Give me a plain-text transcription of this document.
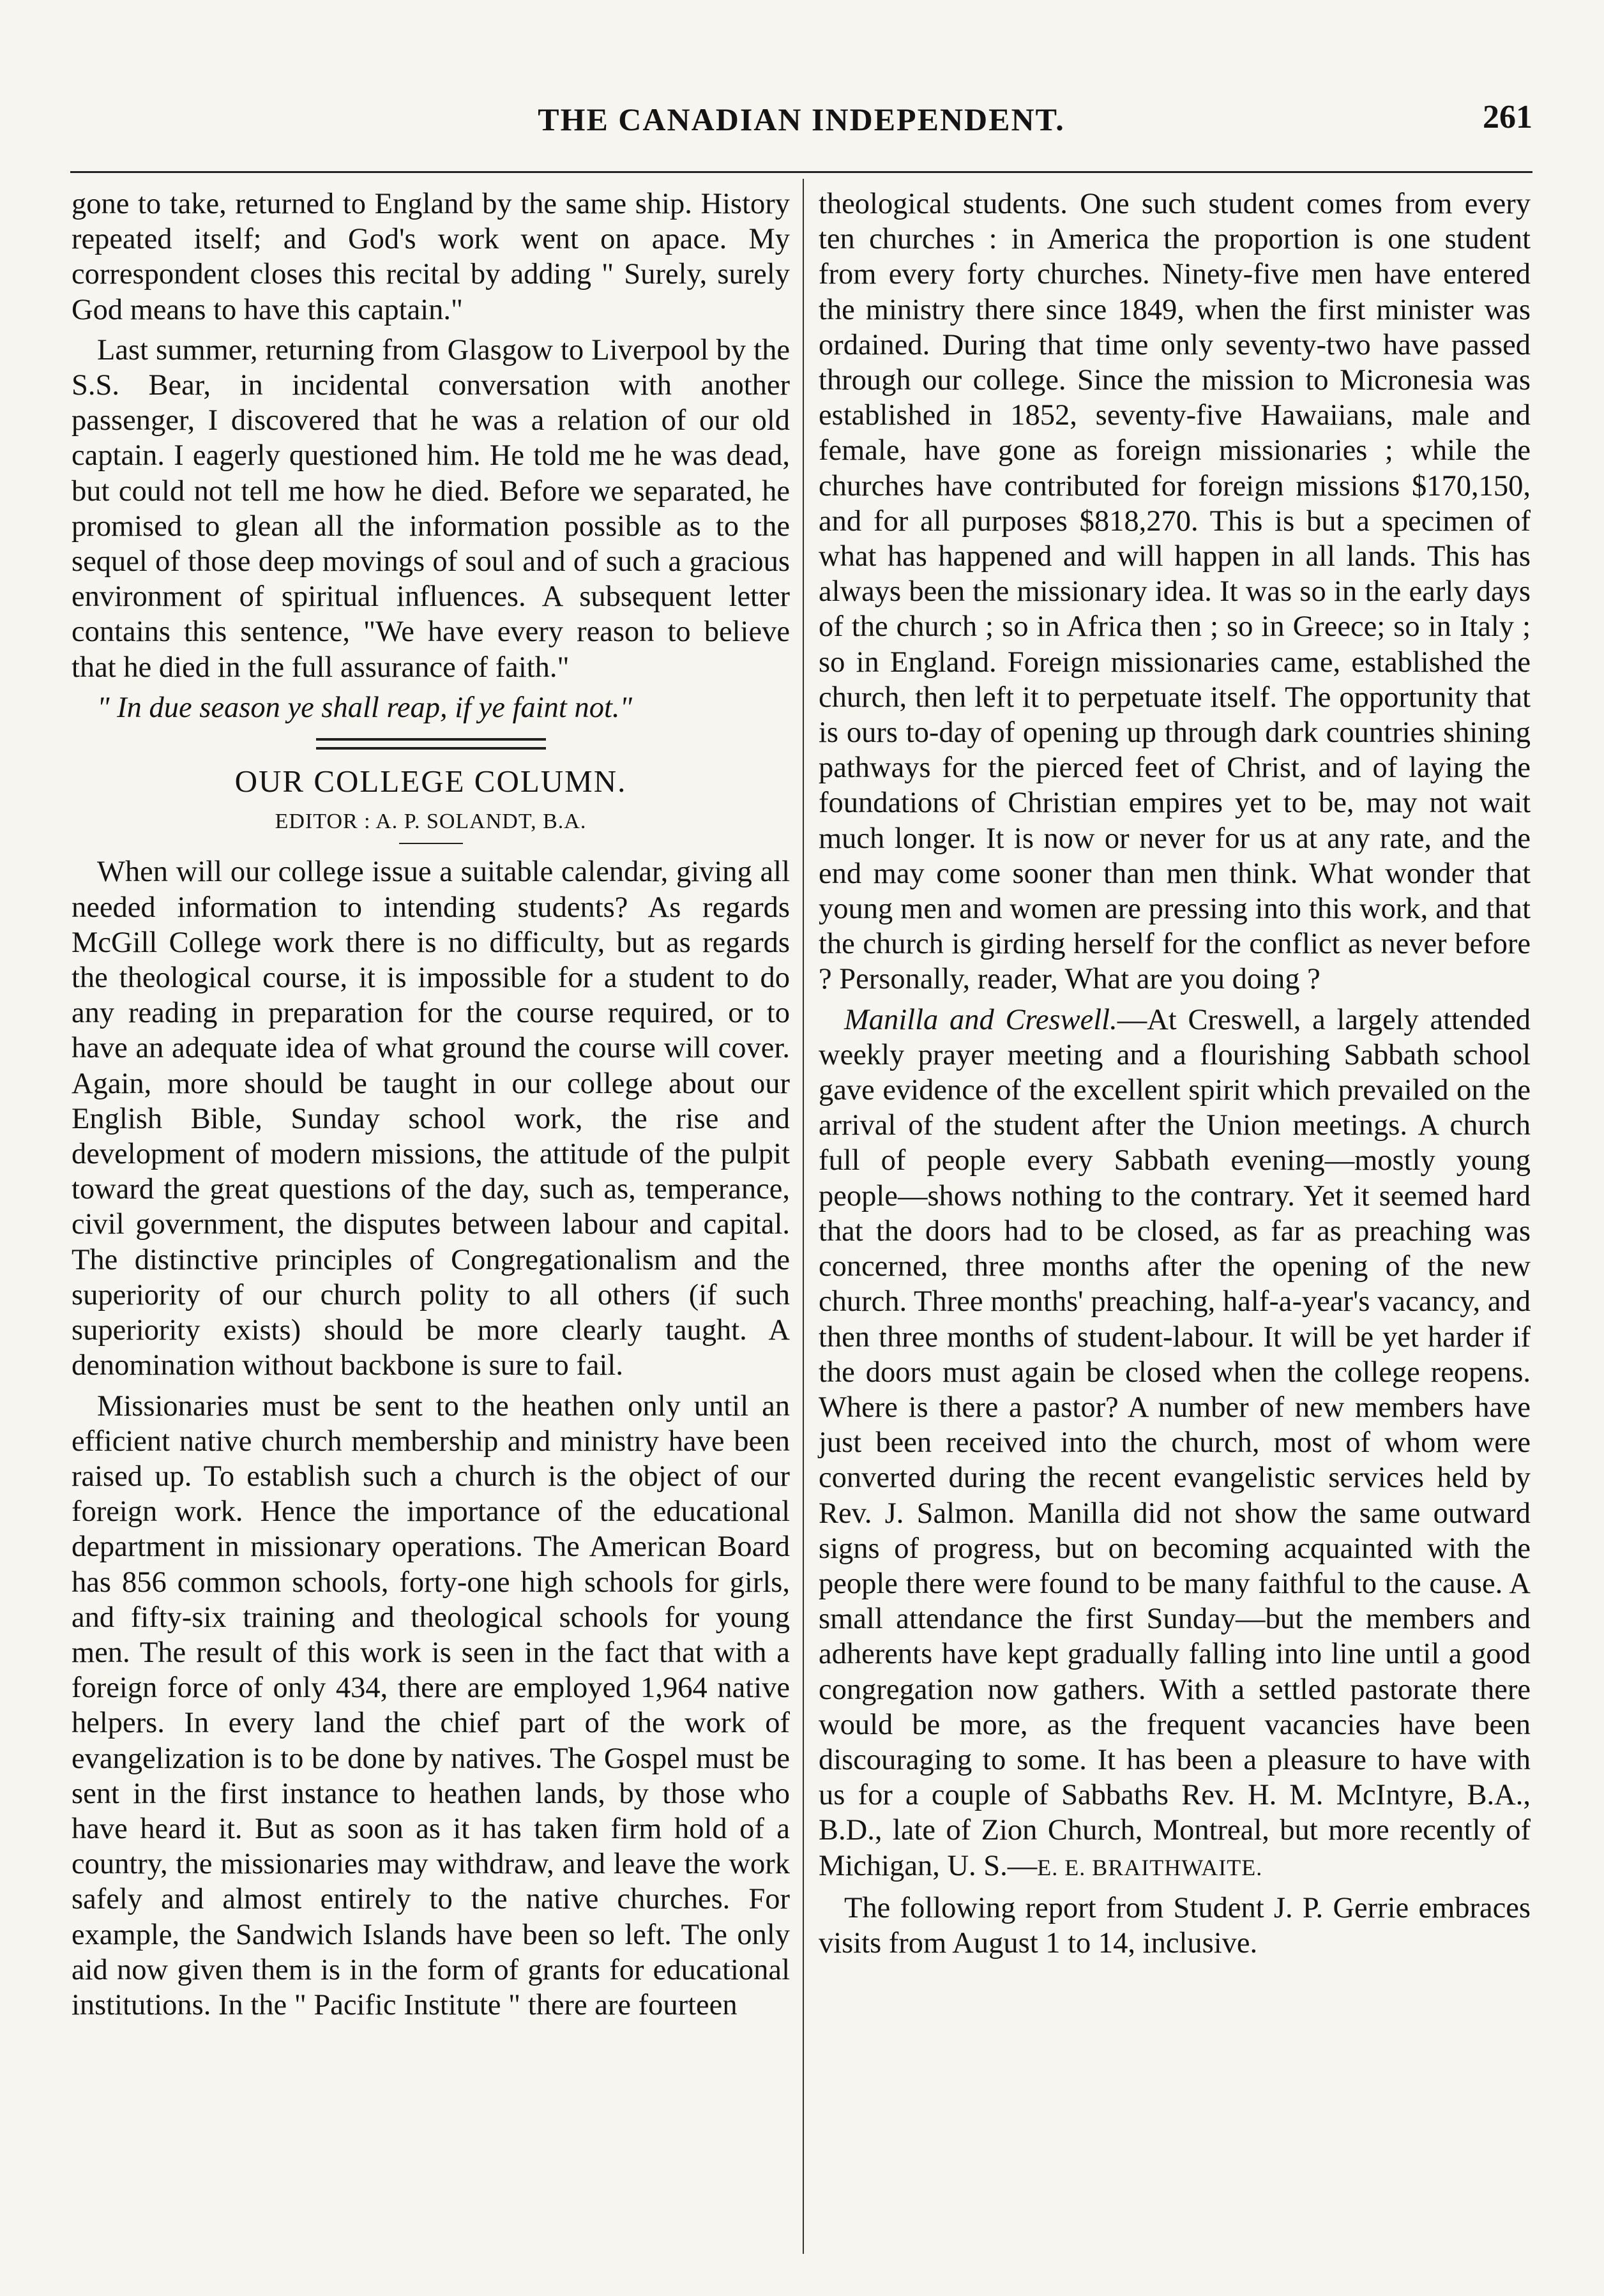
THE CANADIAN INDEPENDENT.	261

gone to take, returned to England by the same ship. History repeated itself; and God's work went on apace. My correspondent closes this recital by adding " Surely, surely God means to have this captain."

Last summer, returning from Glasgow to Liverpool by the S.S. Bear, in incidental conversation with another passenger, I discovered that he was a relation of our old captain. I eagerly questioned him. He told me he was dead, but could not tell me how he died. Before we separated, he promised to glean all the information possible as to the sequel of those deep movings of soul and of such a gracious environment of spiritual influences. A subsequent letter contains this sentence, "We have every reason to believe that he died in the full assurance of faith."

" In due season ye shall reap, if ye faint not."

OUR COLLEGE COLUMN.
EDITOR : A. P. SOLANDT, B.A.

When will our college issue a suitable calendar, giving all needed information to intending students? As regards McGill College work there is no difficulty, but as regards the theological course, it is impossible for a student to do any reading in preparation for the course required, or to have an adequate idea of what ground the course will cover. Again, more should be taught in our college about our English Bible, Sunday school work, the rise and development of modern missions, the attitude of the pulpit toward the great questions of the day, such as, temperance, civil government, the disputes between labour and capital. The distinctive principles of Congregationalism and the superiority of our church polity to all others (if such superiority exists) should be more clearly taught. A denomination without backbone is sure to fail.

Missionaries must be sent to the heathen only until an efficient native church membership and ministry have been raised up. To establish such a church is the object of our foreign work. Hence the importance of the educational department in missionary operations. The American Board has 856 common schools, forty-one high schools for girls, and fifty-six training and theological schools for young men. The result of this work is seen in the fact that with a foreign force of only 434, there are employed 1,964 native helpers. In every land the chief part of the work of evangelization is to be done by natives. The Gospel must be sent in the first instance to heathen lands, by those who have heard it. But as soon as it has taken firm hold of a country, the missionaries may withdraw, and leave the work safely and almost entirely to the native churches. For example, the Sandwich Islands have been so left. The only aid now given them is in the form of grants for educational institutions. In the " Pacific Institute " there are fourteen

theological students. One such student comes from every ten churches : in America the proportion is one student from every forty churches. Ninety-five men have entered the ministry there since 1849, when the first minister was ordained. During that time only seventy-two have passed through our college. Since the mission to Micronesia was established in 1852, seventy-five Hawaiians, male and female, have gone as foreign missionaries ; while the churches have contributed for foreign missions $170,150, and for all purposes $818,270. This is but a specimen of what has happened and will happen in all lands. This has always been the missionary idea. It was so in the early days of the church ; so in Africa then ; so in Greece; so in Italy ; so in England. Foreign missionaries came, established the church, then left it to perpetuate itself. The opportunity that is ours to-day of opening up through dark countries shining pathways for the pierced feet of Christ, and of laying the foundations of Christian empires yet to be, may not wait much longer. It is now or never for us at any rate, and the end may come sooner than men think. What wonder that young men and women are pressing into this work, and that the church is girding herself for the conflict as never before ? Personally, reader, What are you doing ?

Manilla and Creswell.—At Creswell, a largely attended weekly prayer meeting and a flourishing Sabbath school gave evidence of the excellent spirit which prevailed on the arrival of the student after the Union meetings. A church full of people every Sabbath evening—mostly young people—shows nothing to the contrary. Yet it seemed hard that the doors had to be closed, as far as preaching was concerned, three months after the opening of the new church. Three months' preaching, half-a-year's vacancy, and then three months of student-labour. It will be yet harder if the doors must again be closed when the college reopens. Where is there a pastor? A number of new members have just been received into the church, most of whom were converted during the recent evangelistic services held by Rev. J. Salmon. Manilla did not show the same outward signs of progress, but on becoming acquainted with the people there were found to be many faithful to the cause. A small attendance the first Sunday—but the members and adherents have kept gradually falling into line until a good congregation now gathers. With a settled pastorate there would be more, as the frequent vacancies have been discouraging to some. It has been a pleasure to have with us for a couple of Sabbaths Rev. H. M. McIntyre, B.A., B.D., late of Zion Church, Montreal, but more recently of Michigan, U. S.—E. E. BRAITHWAITE.

The following report from Student J. P. Gerrie embraces visits from August 1 to 14, inclusive.
